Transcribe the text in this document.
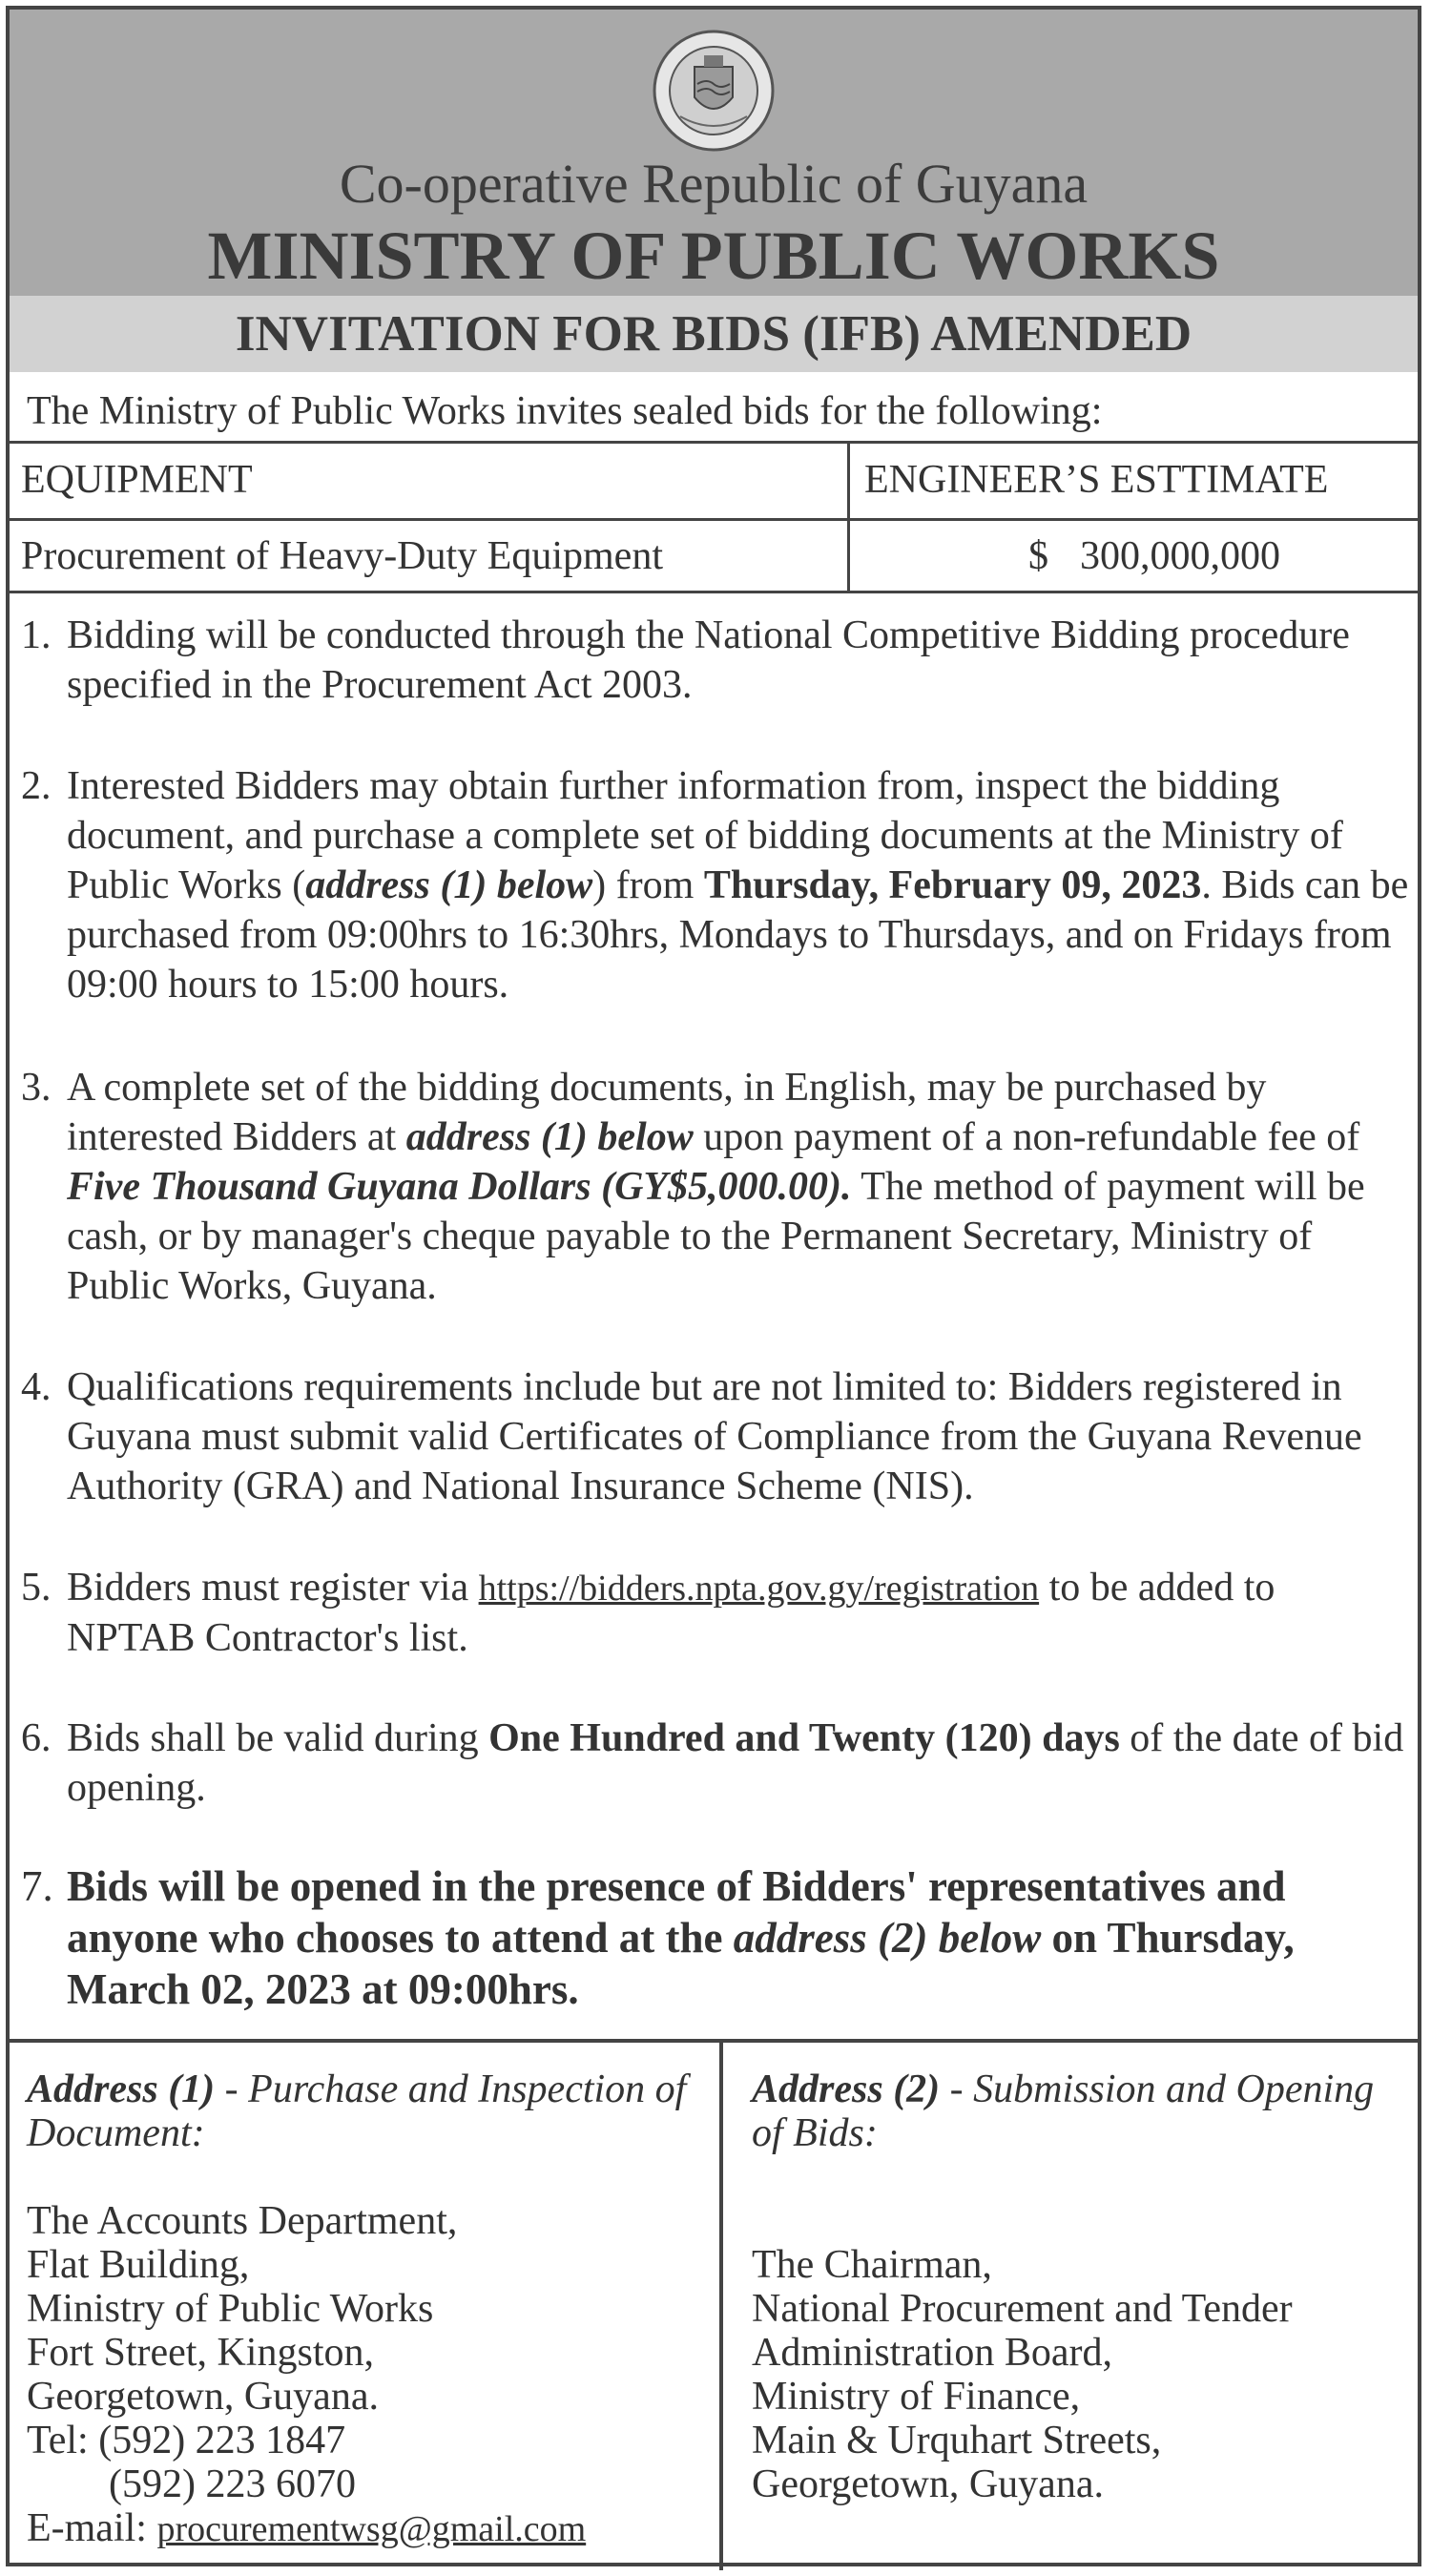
Co-operative Republic of Guyana
MINISTRY OF PUBLIC WORKS
INVITATION FOR BIDS (IFB) AMENDED
The Ministry of Public Works invites sealed bids for the following:
EQUIPMENT	ENGINEER’S ESTTIMATE
Procurement of Heavy-Duty Equipment	$ 300,000,000
1. Bidding will be conducted through the National Competitive Bidding procedure specified in the Procurement Act 2003.
2. Interested Bidders may obtain further information from, inspect the bidding document, and purchase a complete set of bidding documents at the Ministry of Public Works (address (1) below) from Thursday, February 09, 2023. Bids can be purchased from 09:00hrs to 16:30hrs, Mondays to Thursdays, and on Fridays from 09:00 hours to 15:00 hours.
3. A complete set of the bidding documents, in English, may be purchased by interested Bidders at address (1) below upon payment of a non-refundable fee of Five Thousand Guyana Dollars (GY$5,000.00). The method of payment will be cash, or by manager's cheque payable to the Permanent Secretary, Ministry of Public Works, Guyana.
4. Qualifications requirements include but are not limited to: Bidders registered in Guyana must submit valid Certificates of Compliance from the Guyana Revenue Authority (GRA) and National Insurance Scheme (NIS).
5. Bidders must register via https://bidders.npta.gov.gy/registration to be added to NPTAB Contractor's list.
6. Bids shall be valid during One Hundred and Twenty (120) days of the date of bid opening.
7. Bids will be opened in the presence of Bidders' representatives and anyone who chooses to attend at the address (2) below on Thursday, March 02, 2023 at 09:00hrs.
Address (1) - Purchase and Inspection of Document:
The Accounts Department,
Flat Building,
Ministry of Public Works
Fort Street, Kingston,
Georgetown, Guyana.
Tel: (592) 223 1847
(592) 223 6070
E-mail: procurementwsg@gmail.com
Address (2) - Submission and Opening of Bids:
The Chairman,
National Procurement and Tender
Administration Board,
Ministry of Finance,
Main & Urquhart Streets,
Georgetown, Guyana.
